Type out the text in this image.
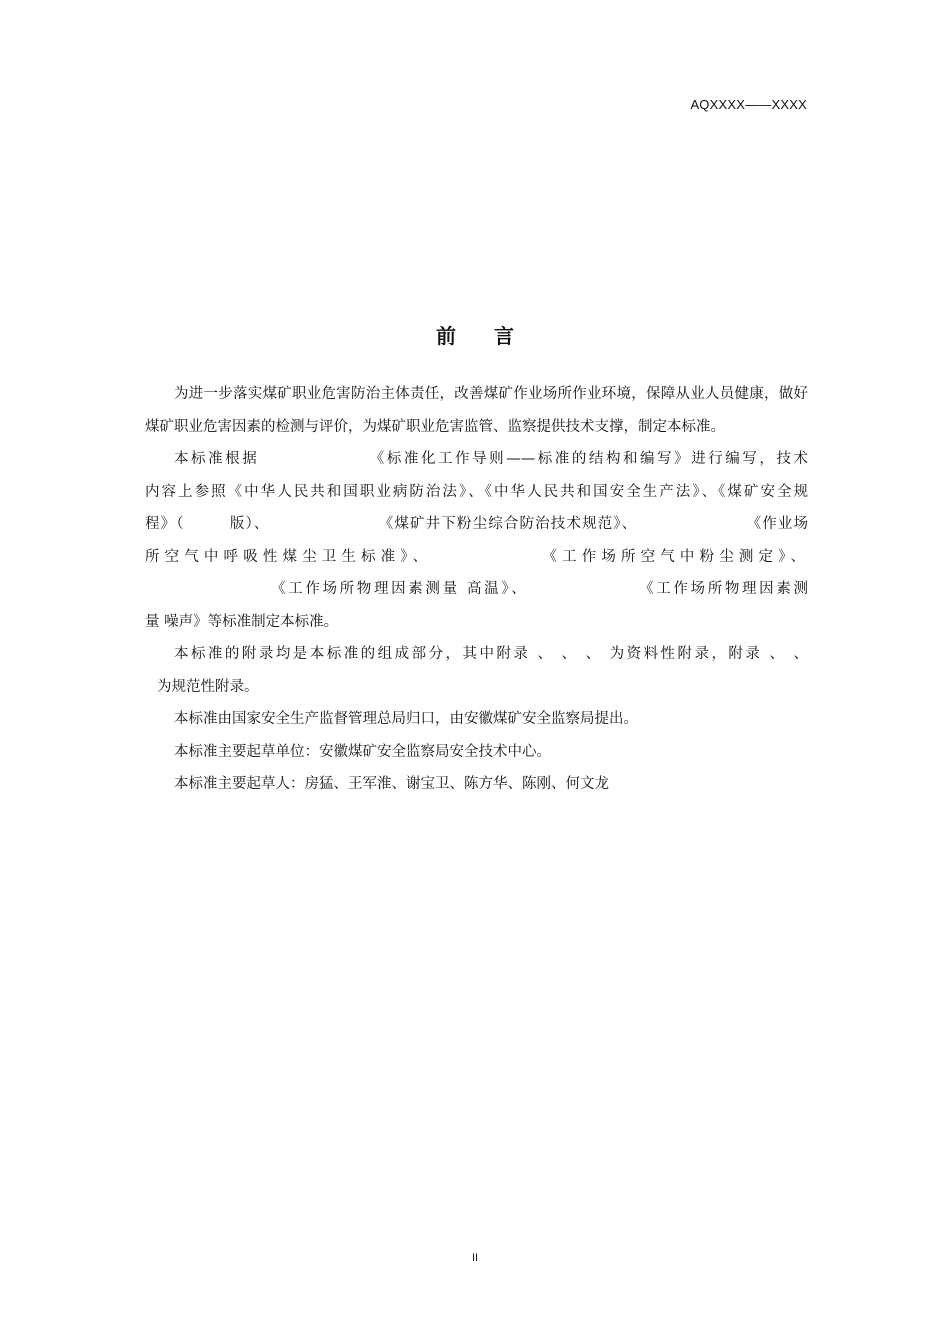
AQXXXX——XXXX
前言

为进一步落实煤矿职业危害防治主体责任，改善煤矿作业场所作业环境，保障从业人员健康，做好煤矿职业危害因素的检测与评价，为煤矿职业危害监管、监察提供技术支撑，制定本标准。

本标准根据	《标准化工作导则——标准的结构和编写》进行编写，技术
内容上参照《中华人民共和国职业病防治法》、《中华人民共和国安全生产法》、《煤矿安全规
程》（	版）、	《煤矿井下粉尘综合防治技术规范》、	《作业场
所空气中呼吸性煤尘卫生标准》、	《工作场所空气中粉尘测定》、
《工作场所物理因素测量 高温》、	《工作场所物理因素测
量 噪声》等标准制定本标准。

本标准的附录均是本标准的组成部分，其中附录 、 、 、 为资料性附录，附录 、 、
为规范性附录。

本标准由国家安全生产监督管理总局归口，由安徽煤矿安全监察局提出。

本标准主要起草单位：安徽煤矿安全监察局安全技术中心。

本标准主要起草人：房猛、王军淮、谢宝卫、陈方华、陈刚、何文龙

II
